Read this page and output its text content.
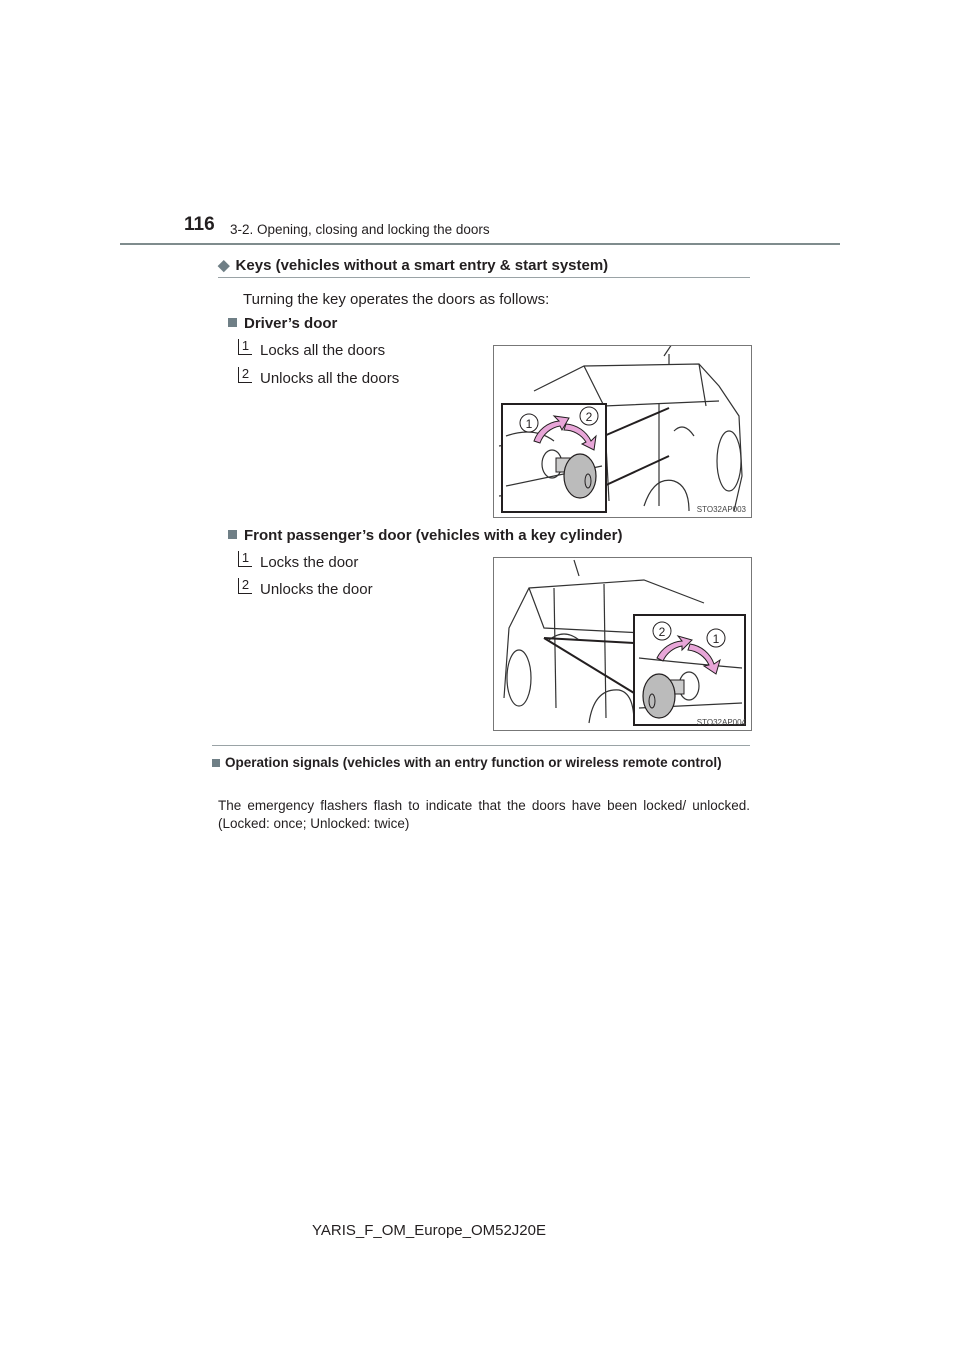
116 3-2. Opening, closing and locking the doors
◆ Keys (vehicles without a smart entry & start system)
Turning the key operates the doors as follows:
Driver’s door
1 Locks all the doors
2 Unlocks all the doors
1	2
STO32AP003
Front passenger’s door (vehicles with a key cylinder)
1 Locks the door
2 Unlocks the door
2	1
STO32AP004
Operation signals (vehicles with an entry function or wireless remote control)
The emergency flashers flash to indicate that the doors have been locked/ unlocked. (Locked: once; Unlocked: twice)
YARIS_F_OM_Europe_OM52J20E
